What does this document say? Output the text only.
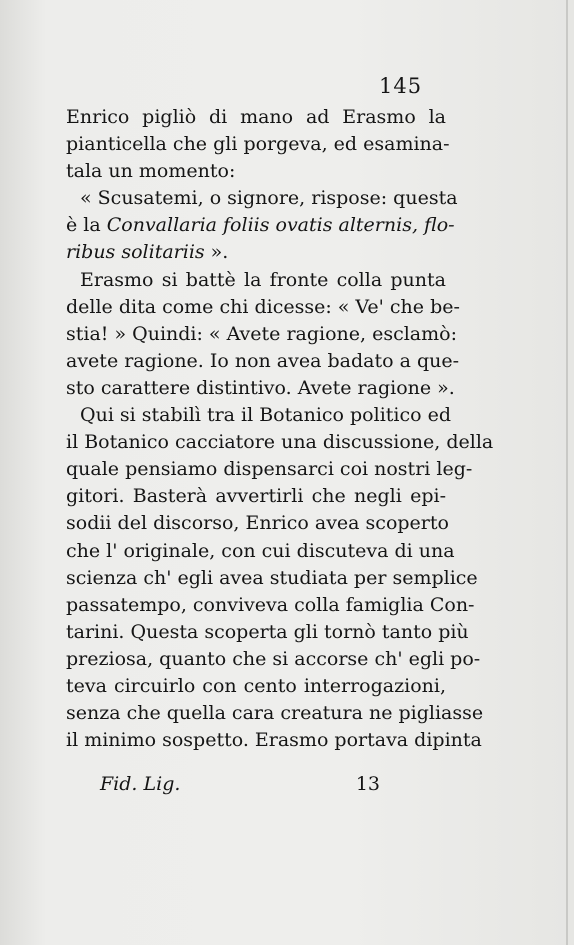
145
Enrico pigliò di mano ad Erasmo la
pianticella che gli porgeva, ed esamina-
tala un momento:
« Scusatemi, o signore, rispose: questa
è la Convallaria foliis ovatis alternis, flo-
ribus solitariis ».
Erasmo si battè la fronte colla punta
delle dita come chi dicesse: « Ve' che be-
stia! » Quindi: « Avete ragione, esclamò:
avete ragione. Io non avea badato a que-
sto carattere distintivo. Avete ragione ».
Qui si stabilì tra il Botanico politico ed
il Botanico cacciatore una discussione, della
quale pensiamo dispensarci coi nostri leg-
gitori. Basterà avvertirli che negli epi-
sodii del discorso, Enrico avea scoperto
che l' originale, con cui discuteva di una
scienza ch' egli avea studiata per semplice
passatempo, conviveva colla famiglia Con-
tarini. Questa scoperta gli tornò tanto più
preziosa, quanto che si accorse ch' egli po-
teva circuirlo con cento interrogazioni,
senza che quella cara creatura ne pigliasse
il minimo sospetto. Erasmo portava dipinta
Fid. Lig.	13
